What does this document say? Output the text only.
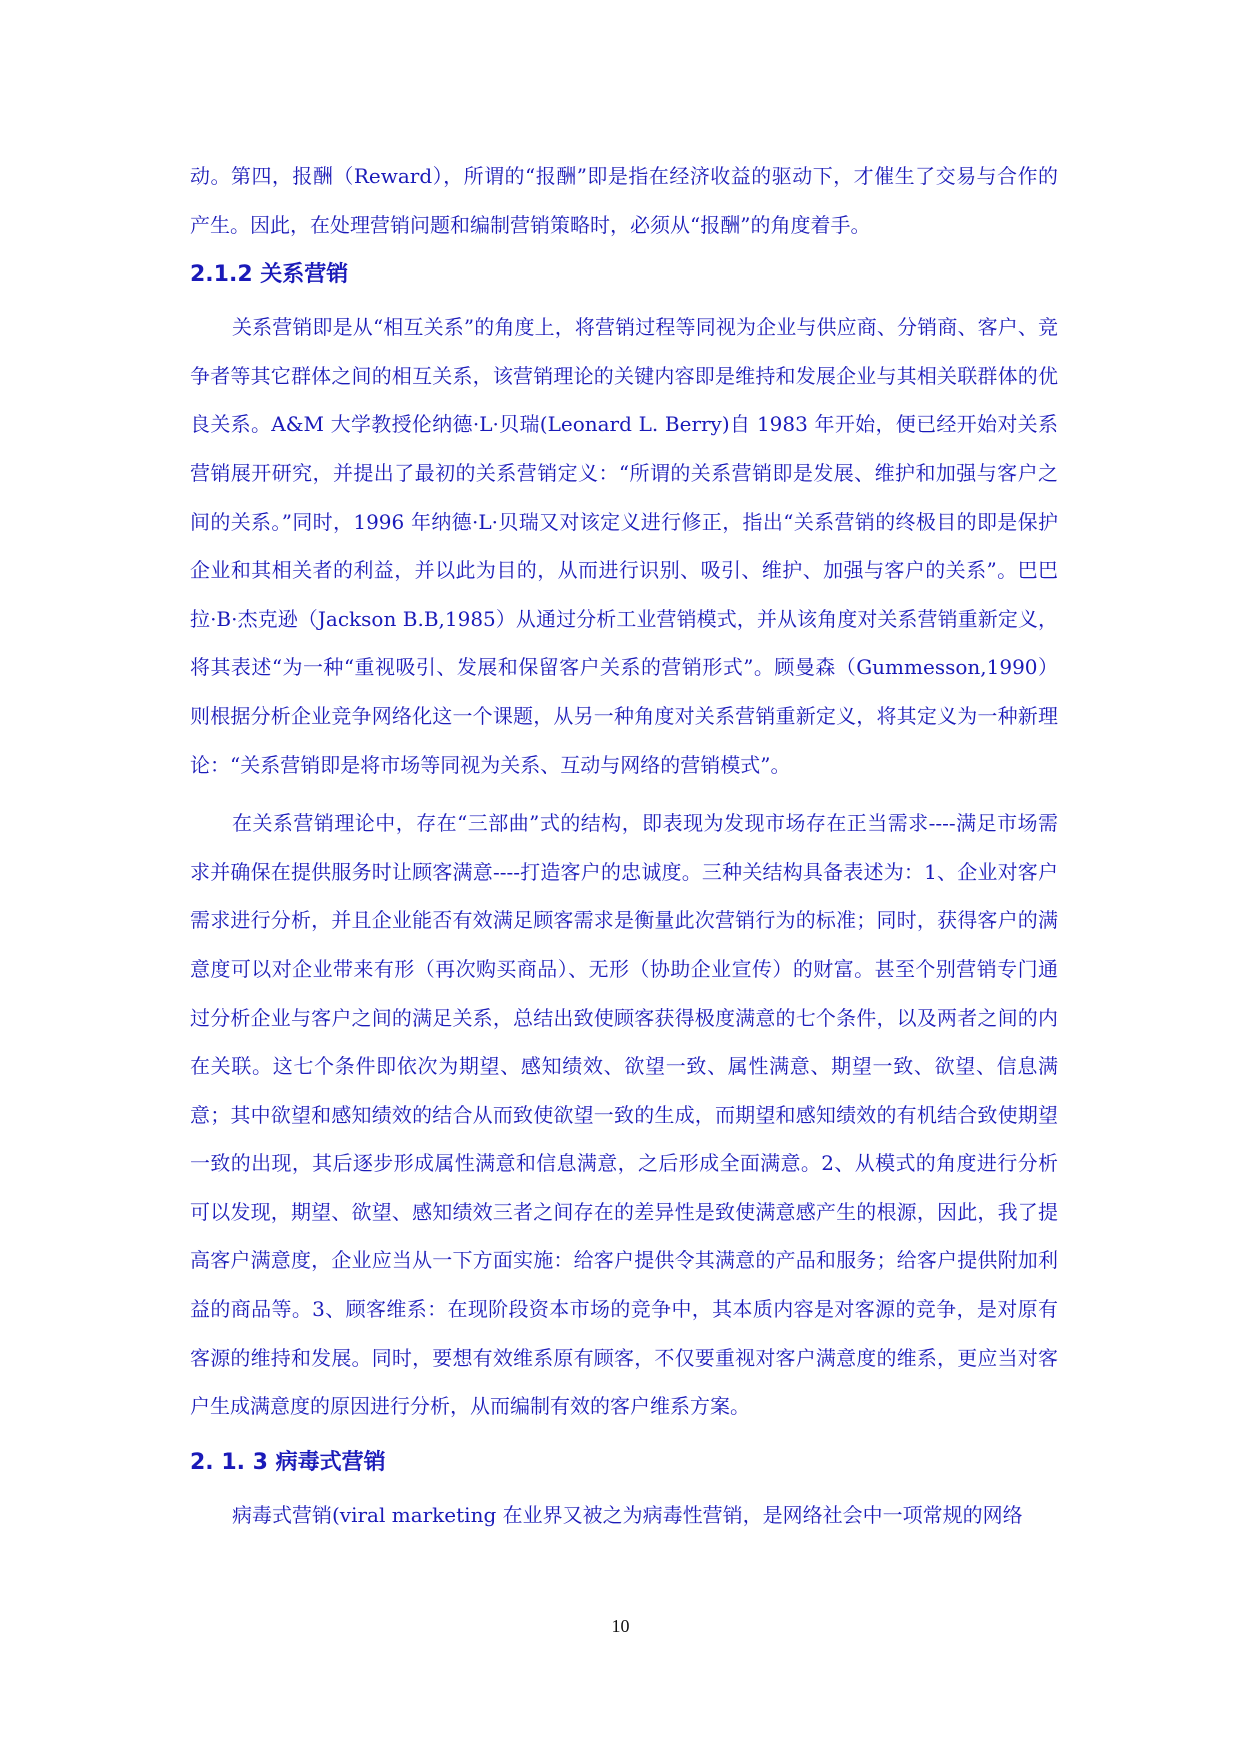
动。第四，报酬（Reward），所谓的“报酬”即是指在经济收益的驱动下，才催生了交易与合作的产生。因此，在处理营销问题和编制营销策略时，必须从“报酬”的角度着手。

2.1.2 关系营销

关系营销即是从“相互关系”的角度上，将营销过程等同视为企业与供应商、分销商、客户、竞争者等其它群体之间的相互关系，该营销理论的关键内容即是维持和发展企业与其相关联群体的优良关系。A&M 大学教授伦纳德·L·贝瑞(Leonard L. Berry)自 1983 年开始，便已经开始对关系营销展开研究，并提出了最初的关系营销定义：“所谓的关系营销即是发展、维护和加强与客户之间的关系。”同时，1996 年纳德·L·贝瑞又对该定义进行修正，指出“关系营销的终极目的即是保护企业和其相关者的利益，并以此为目的，从而进行识别、吸引、维护、加强与客户的关系”。巴巴拉·B·杰克逊（Jackson B.B,1985）从通过分析工业营销模式，并从该角度对关系营销重新定义，将其表述“为一种“重视吸引、发展和保留客户关系的营销形式”。顾曼森（Gummesson,1990）则根据分析企业竞争网络化这一个课题，从另一种角度对关系营销重新定义，将其定义为一种新理论：“关系营销即是将市场等同视为关系、互动与网络的营销模式”。

在关系营销理论中，存在“三部曲”式的结构，即表现为发现市场存在正当需求----满足市场需求并确保在提供服务时让顾客满意----打造客户的忠诚度。三种关结构具备表述为：1、企业对客户需求进行分析，并且企业能否有效满足顾客需求是衡量此次营销行为的标准；同时，获得客户的满意度可以对企业带来有形（再次购买商品）、无形（协助企业宣传）的财富。甚至个别营销专门通过分析企业与客户之间的满足关系，总结出致使顾客获得极度满意的七个条件，以及两者之间的内在关联。这七个条件即依次为期望、感知绩效、欲望一致、属性满意、期望一致、欲望、信息满意；其中欲望和感知绩效的结合从而致使欲望一致的生成，而期望和感知绩效的有机结合致使期望一致的出现，其后逐步形成属性满意和信息满意，之后形成全面满意。2、从模式的角度进行分析可以发现，期望、欲望、感知绩效三者之间存在的差异性是致使满意感产生的根源，因此，我了提高客户满意度，企业应当从一下方面实施：给客户提供令其满意的产品和服务；给客户提供附加利益的商品等。3、顾客维系：在现阶段资本市场的竞争中，其本质内容是对客源的竞争，是对原有客源的维持和发展。同时，要想有效维系原有顾客，不仅要重视对客户满意度的维系，更应当对客户生成满意度的原因进行分析，从而编制有效的客户维系方案。

2. 1. 3 病毒式营销

病毒式营销(viral marketing 在业界又被之为病毒性营销，是网络社会中一项常规的网络

10
